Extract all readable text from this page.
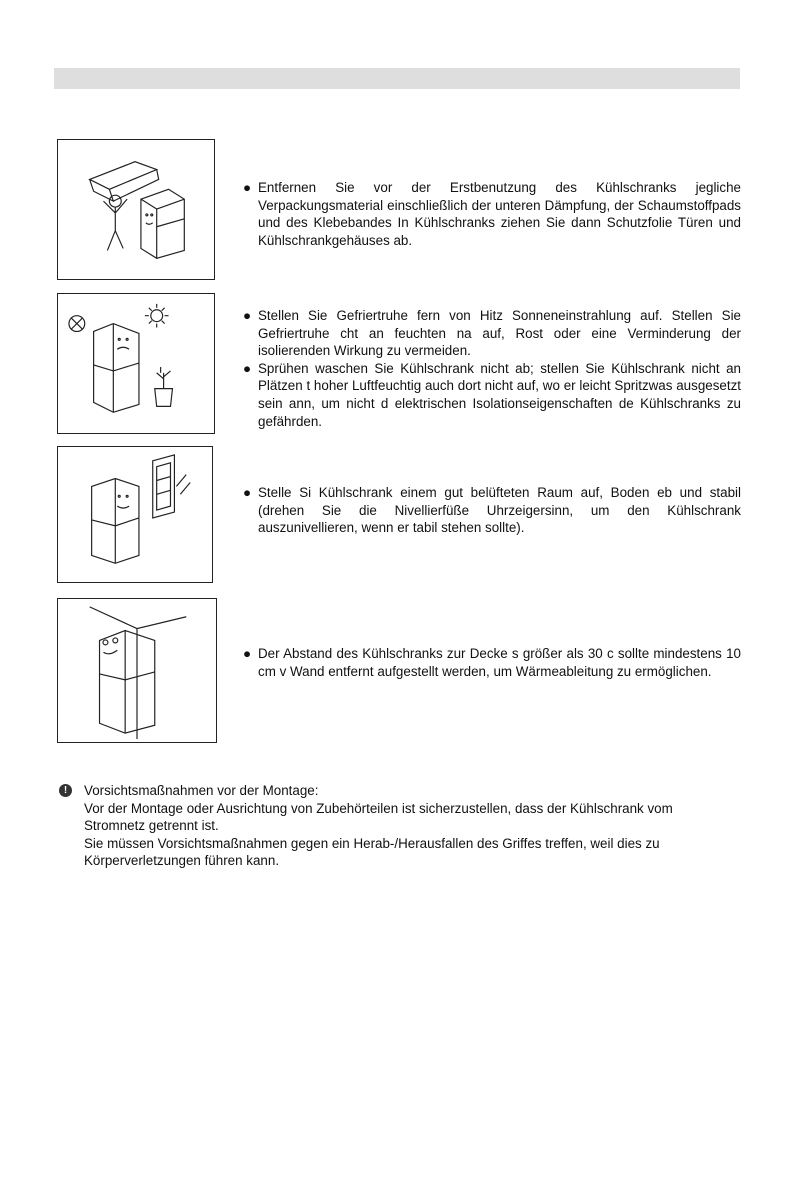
● Entfernen Sie vor der Erstbenutzung des Kühlschranks jegliche Verpackungsmaterial einschließlich der unteren Dämpfung, der Schaumstoffpads und des Klebebandes In Kühlschranks ziehen Sie dann Schutzfolie Türen und Kühlschrankgehäuses ab.
● Stellen Sie Gefriertruhe fern von Hitz Sonneneinstrahlung auf. Stellen Sie Gefriertruhe cht an feuchten na auf, Rost oder eine Verminderung der isolierenden Wirkung zu vermeiden.
● Sprühen waschen Sie Kühlschrank nicht ab; stellen Sie Kühlschrank nicht an Plätzen t hoher Luftfeuchtig auch dort nicht auf, wo er leicht Spritzwas ausgesetzt sein ann, um nicht d elektrischen Isolationseigenschaften de Kühlschranks zu gefährden.
● Stelle Si Kühlschrank einem gut belüfteten Raum auf, Boden eb und stabil (drehen Sie die Nivellierfüße Uhrzeigersinn, um den Kühlschrank auszunivellieren, wenn er tabil stehen sollte).
● Der Abstand des Kühlschranks zur Decke s größer als 30 c sollte mindestens 10 cm v Wand entfernt aufgestellt werden, um Wärmeableitung zu ermöglichen.
!	Vorsichtsmaßnahmen vor der Montage:
Vor der Montage oder Ausrichtung von Zubehörteilen ist sicherzustellen, dass der Kühlschrank vom
Stromnetz getrennt ist.
Sie müssen Vorsichtsmaßnahmen gegen ein Herab-/Herausfallen des Griffes treffen, weil dies zu
Körperverletzungen führen kann.
